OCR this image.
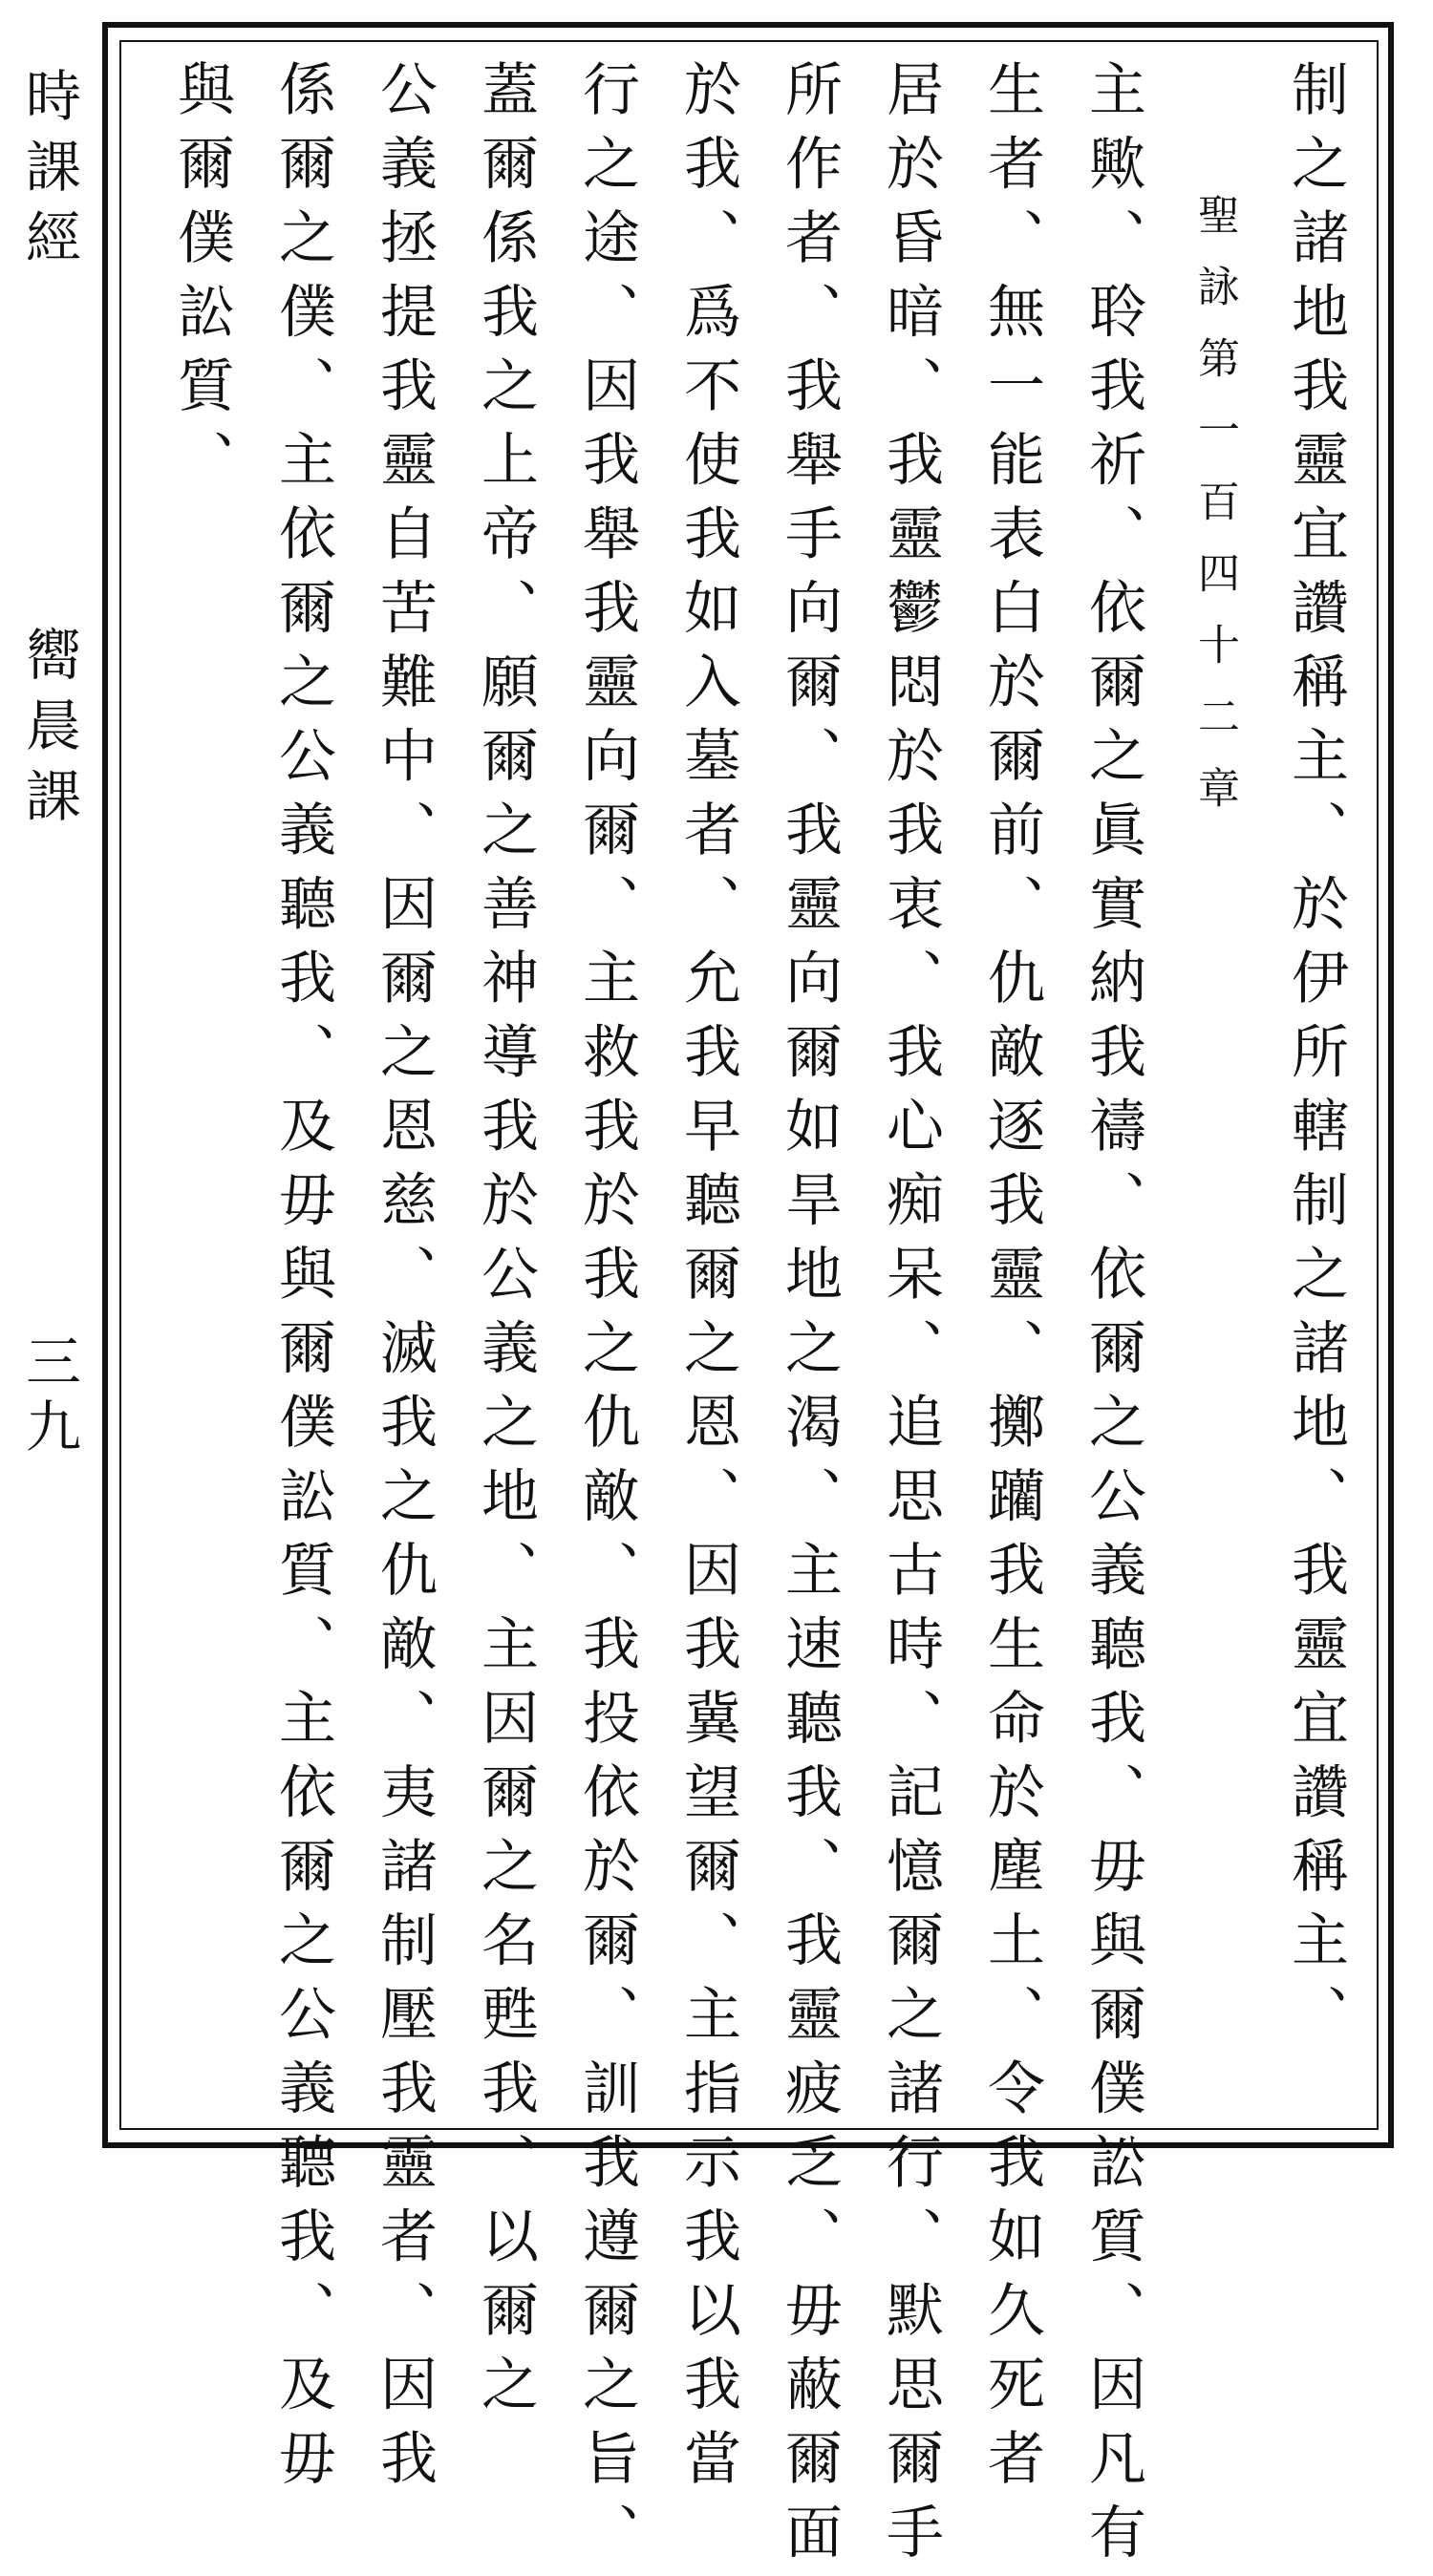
時課經
嚮晨課
三九	制之諸地我靈宜讚稱主、於伊所轄制之諸地、我靈宜讚稱主、
聖詠第一百四十二章
主歟、聆我祈、依爾之眞實納我禱、依爾之公義聽我、毋與爾僕訟質、因凡有
生者、無一能表白於爾前、仇敵逐我靈、擲躪我生命於塵土、令我如久死者
居於昏暗、我靈鬱悶於我衷、我心痴呆、追思古時、記憶爾之諸行、默思爾手
所作者、我舉手向爾、我靈向爾如旱地之渴、主速聽我、我靈疲乏、毋蔽爾面
於我、爲不使我如入墓者、允我早聽爾之恩、因我冀望爾、主指示我以我當
行之途、因我舉我靈向爾、主救我於我之仇敵、我投依於爾、訓我遵爾之旨、
蓋爾係我之上帝、願爾之善神導我於公義之地、主因爾之名甦我、以爾之
公義拯提我靈自苦難中、因爾之恩慈、滅我之仇敵、夷諸制壓我靈者、因我
係爾之僕、主依爾之公義聽我、及毋與爾僕訟質、主依爾之公義聽我、及毋
與爾僕訟質、
